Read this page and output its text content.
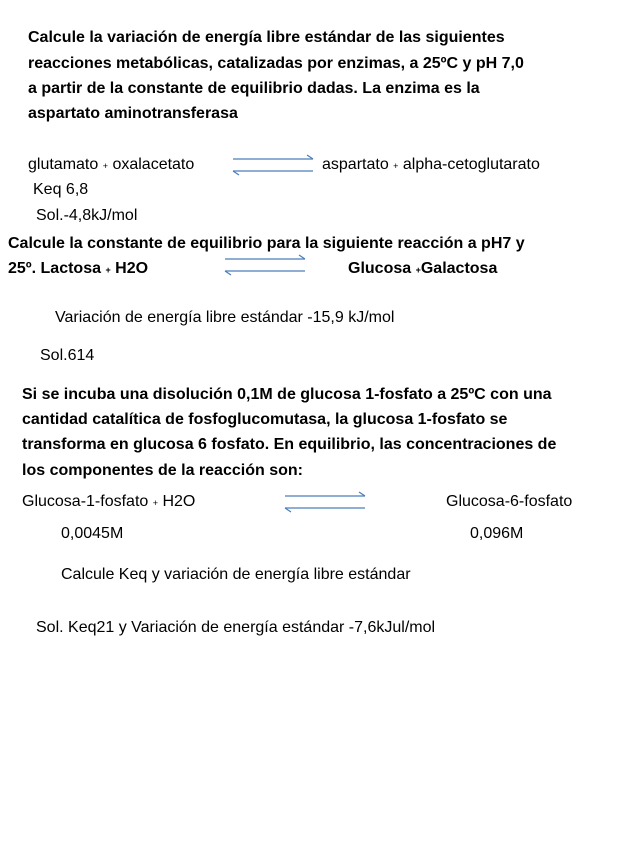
Calcule la variación de energía libre estándar de las siguientes
reacciones metabólicas, catalizadas por enzimas, a 25ºC y pH 7,0
a partir de la constante de equilibrio dadas. La enzima es la
aspartato aminotransferasa
glutamato + oxalacetato	aspartato + alpha-cetoglutarato
Keq 6,8
Sol.-4,8kJ/mol
Calcule la constante de equilibrio para la siguiente reacción a pH7 y
25º. Lactosa + H2O	Glucosa +Galactosa
Variación de energía libre estándar -15,9 kJ/mol
Sol.614
Si se incuba una disolución 0,1M de glucosa 1-fosfato a 25ºC con una
cantidad catalítica de fosfoglucomutasa, la glucosa 1-fosfato se
transforma en glucosa 6 fosfato. En equilibrio, las concentraciones de
los componentes de la reacción son:
Glucosa-1-fosfato + H2O	Glucosa-6-fosfato
0,0045M	0,096M
Calcule Keq y variación de energía libre estándar
Sol. Keq21 y Variación de energía estándar -7,6kJul/mol
